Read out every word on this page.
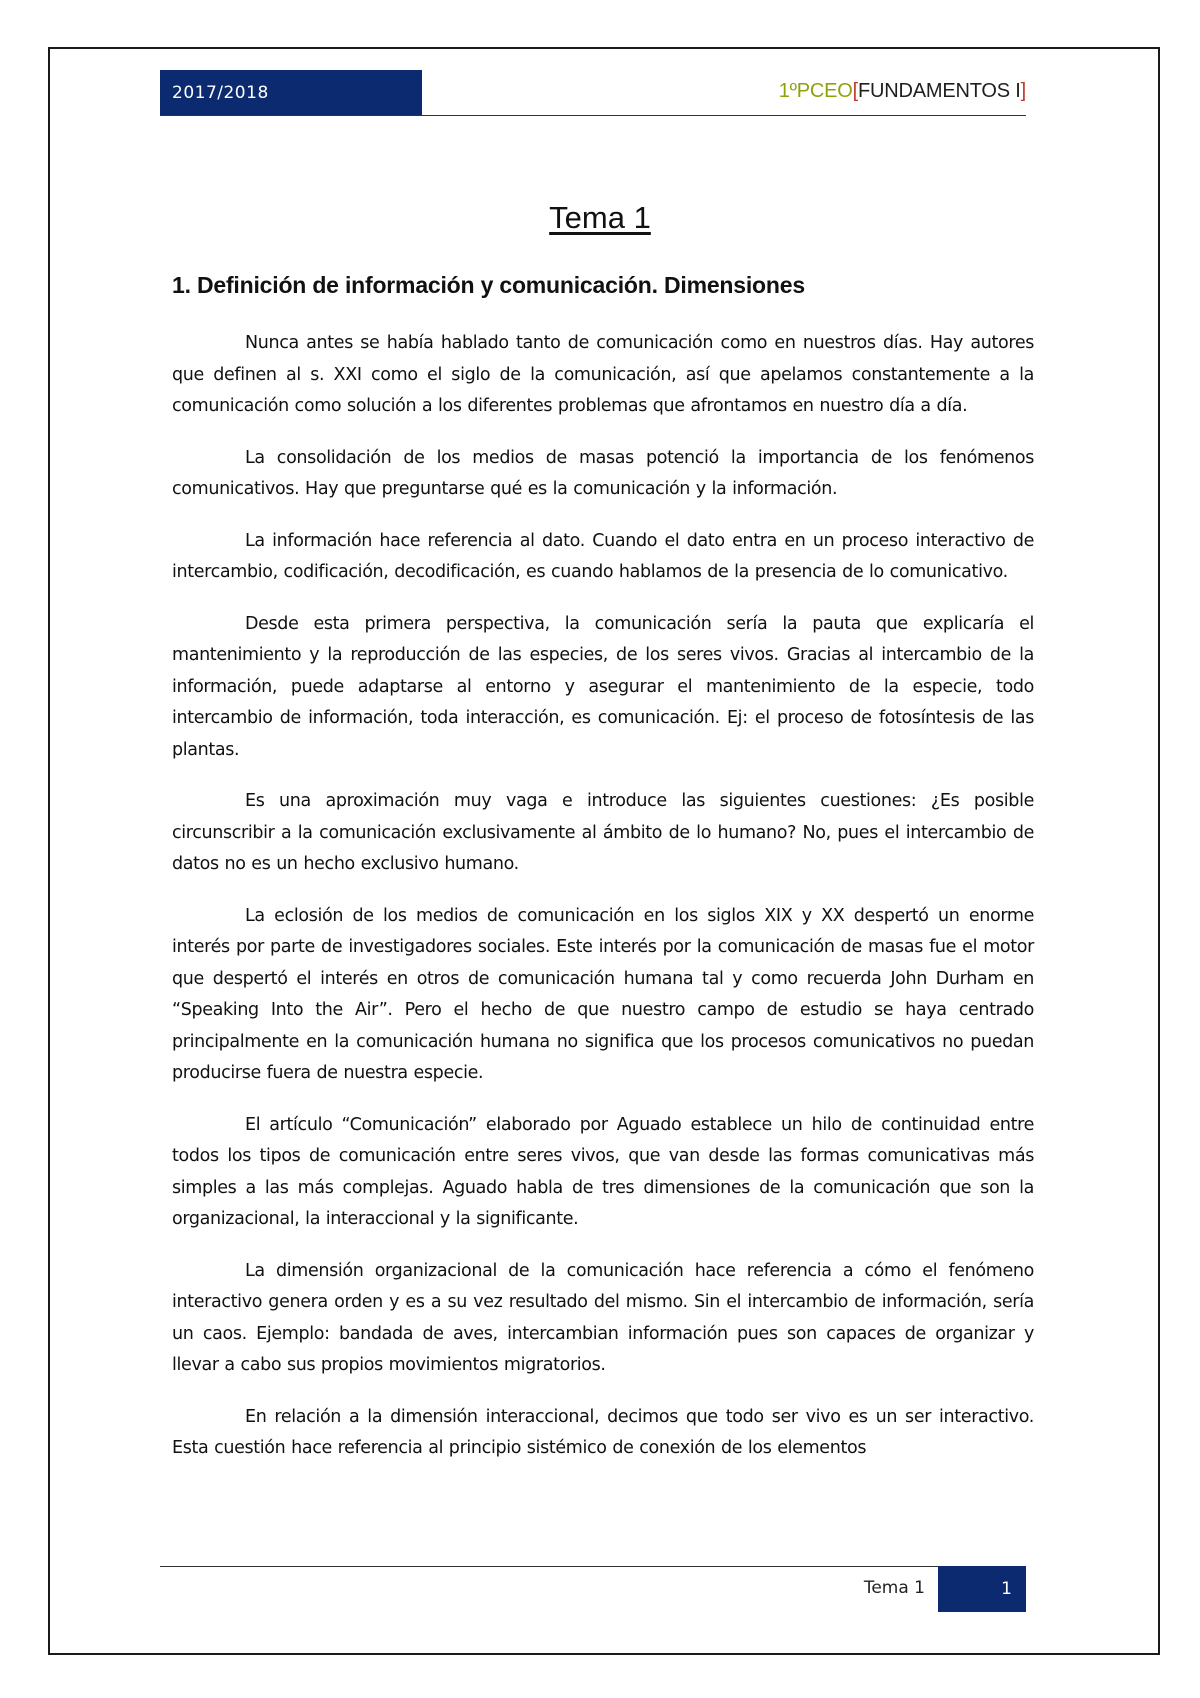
2017/2018	1ºPCEO[FUNDAMENTOS I]
Tema 1
1. Definición de información y comunicación. Dimensiones

Nunca antes se había hablado tanto de comunicación como en nuestros días. Hay autores que definen al s. XXI como el siglo de la comunicación, así que apelamos constantemente a la comunicación como solución a los diferentes problemas que afrontamos en nuestro día a día.

La consolidación de los medios de masas potenció la importancia de los fenómenos comunicativos. Hay que preguntarse qué es la comunicación y la información.

La información hace referencia al dato. Cuando el dato entra en un proceso interactivo de intercambio, codificación, decodificación, es cuando hablamos de la presencia de lo comunicativo.

Desde esta primera perspectiva, la comunicación sería la pauta que explicaría el mantenimiento y la reproducción de las especies, de los seres vivos. Gracias al intercambio de la información, puede adaptarse al entorno y asegurar el mantenimiento de la especie, todo intercambio de información, toda interacción, es comunicación. Ej: el proceso de fotosíntesis de las plantas.

Es una aproximación muy vaga e introduce las siguientes cuestiones: ¿Es posible circunscribir a la comunicación exclusivamente al ámbito de lo humano? No, pues el intercambio de datos no es un hecho exclusivo humano.

La eclosión de los medios de comunicación en los siglos XIX y XX despertó un enorme interés por parte de investigadores sociales. Este interés por la comunicación de masas fue el motor que despertó el interés en otros de comunicación humana tal y como recuerda John Durham en “Speaking Into the Air”. Pero el hecho de que nuestro campo de estudio se haya centrado principalmente en la comunicación humana no significa que los procesos comunicativos no puedan producirse fuera de nuestra especie.

El artículo “Comunicación” elaborado por Aguado establece un hilo de continuidad entre todos los tipos de comunicación entre seres vivos, que van desde las formas comunicativas más simples a las más complejas. Aguado habla de tres dimensiones de la comunicación que son la organizacional, la interaccional y la significante.

La dimensión organizacional de la comunicación hace referencia a cómo el fenómeno interactivo genera orden y es a su vez resultado del mismo. Sin el intercambio de información, sería un caos. Ejemplo: bandada de aves, intercambian información pues son capaces de organizar y llevar a cabo sus propios movimientos migratorios.

En relación a la dimensión interaccional, decimos que todo ser vivo es un ser interactivo. Esta cuestión hace referencia al principio sistémico de conexión de los elementos

Tema 1	1
